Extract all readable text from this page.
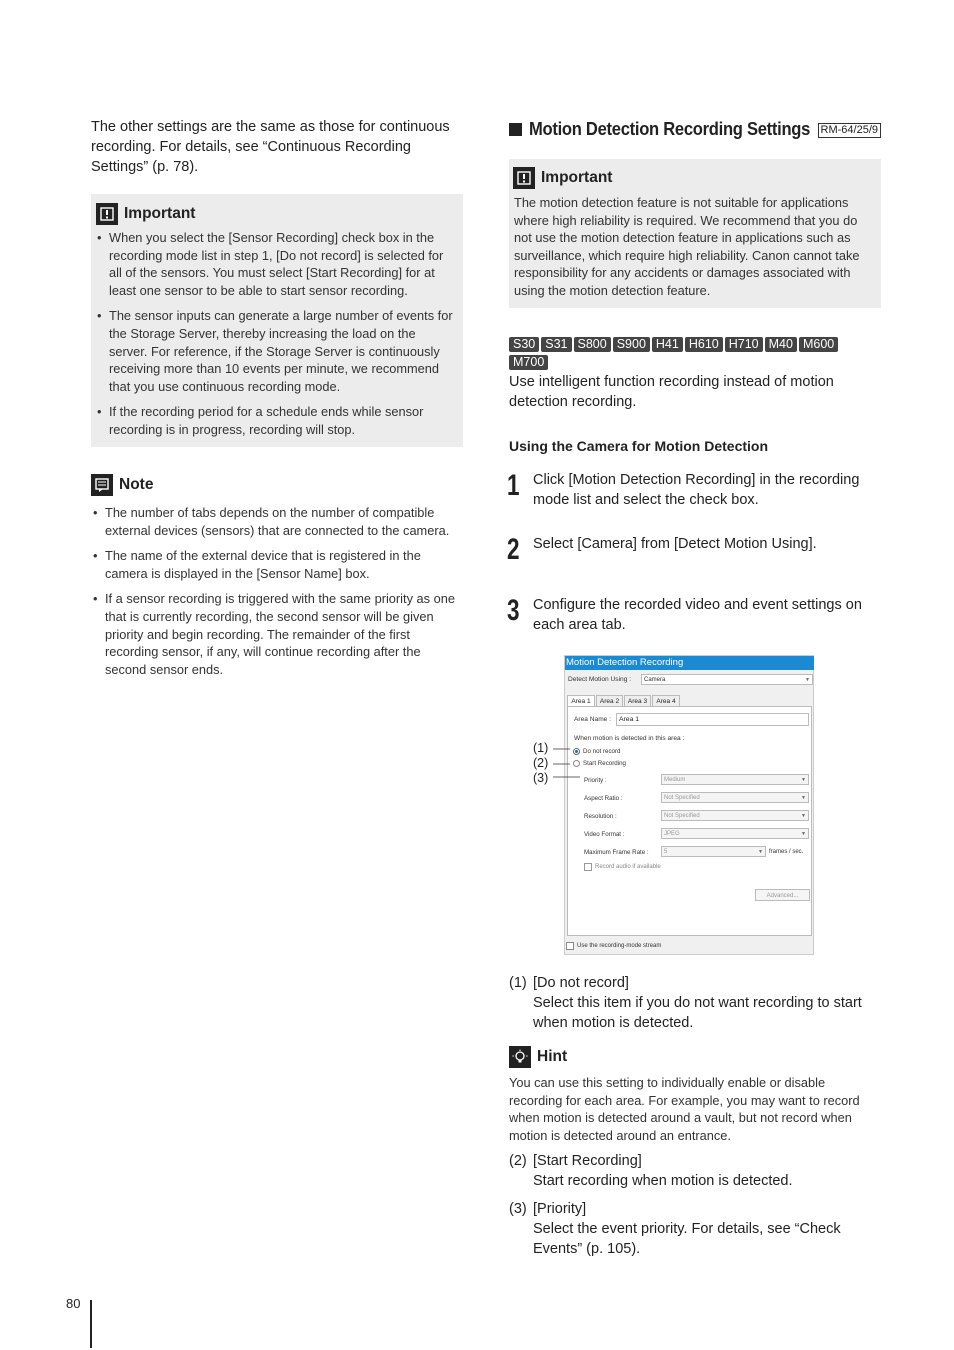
The other settings are the same as those for continuous recording. For details, see “Continuous Recording Settings” (p. 78).

Important
• When you select the [Sensor Recording] check box in the recording mode list in step 1, [Do not record] is selected for all of the sensors. You must select [Start Recording] for at least one sensor to be able to start sensor recording.
• The sensor inputs can generate a large number of events for the Storage Server, thereby increasing the load on the server. For reference, if the Storage Server is continuously receiving more than 10 events per minute, we recommend that you use continuous recording mode.
• If the recording period for a schedule ends while sensor recording is in progress, recording will stop.
Note
• The number of tabs depends on the number of compatible external devices (sensors) that are connected to the camera.
• The name of the external device that is registered in the camera is displayed in the [Sensor Name] box.
• If a sensor recording is triggered with the same priority as one that is currently recording, the second sensor will be given priority and begin recording. The remainder of the first recording sensor, if any, will continue recording after the second sensor ends.
Motion Detection Recording Settings RM-64/25/9
Important

The motion detection feature is not suitable for applications where high reliability is required. We recommend that you do not use the motion detection feature in applications such as surveillance, which require high reliability. Canon cannot take responsibility for any accidents or damages associated with using the motion detection feature.

S30 S31 S800 S900 H41 H610 H710 M40 M600
M700

Use intelligent function recording instead of motion detection recording.

Using the Camera for Motion Detection

1 Click [Motion Detection Recording] in the recording mode list and select the check box.

2 Select [Camera] from [Detect Motion Using].

3 Configure the recorded video and event settings on each area tab.

Motion Detection Recording
Detect Motion Using :	Camera	▼
Area 1	Area 2	Area 3	Area 4
Area Name :	Area 1
When motion is detected in this area :
Do not record
Start Recording
Priority :	Medium	▼
Aspect Ratio :	Not Specified	▼
Resolution :	Not Specified	▼
Video Format :	JPEG	▼
Maximum Frame Rate :	5	▼ frames / sec.
Record audio if available
Advanced...
Use the recording-mode stream
(1)
(2)
(3)
(1) [Do not record]
Select this item if you do not want recording to start when motion is detected.
Hint

You can use this setting to individually enable or disable recording for each area. For example, you may want to record when motion is detected around a vault, but not record when motion is detected around an entrance.

(2) [Start Recording]
Start recording when motion is detected.
(3) [Priority]
Select the event priority. For details, see “Check Events” (p. 105).
80
